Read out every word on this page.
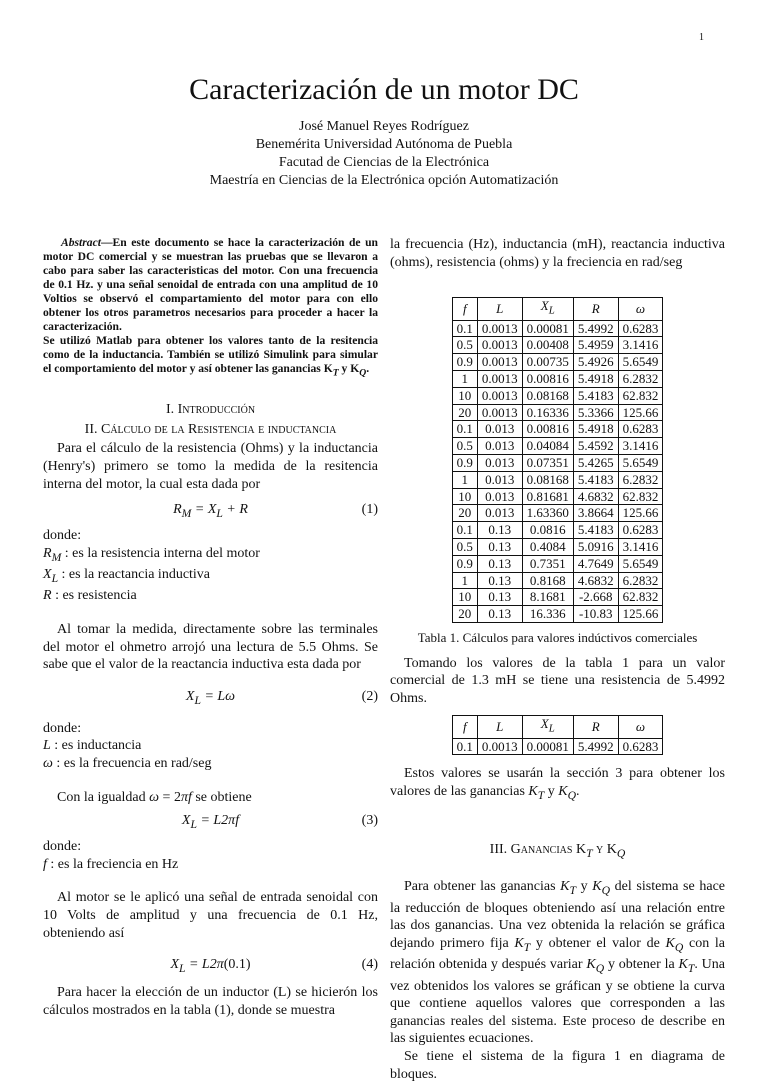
1
Caracterización de un motor DC
José Manuel Reyes Rodríguez
Benemérita Universidad Autónoma de Puebla
Facutad de Ciencias de la Electrónica
Maestría en Ciencias de la Electrónica opción Automatización

Abstract—En este documento se hace la caracterización de un motor DC comercial y se muestran las pruebas que se llevaron a cabo para saber las caracteristicas del motor. Con una frecuencia de 0.1 Hz. y una señal senoidal de entrada con una amplitud de 10 Voltios se observó el compartamiento del motor para con ello obtener los otros parametros necesarios para proceder a hacer la caracterización.

Se utilizó Matlab para obtener los valores tanto de la resitencia como de la inductancia. También se utilizó Simulink para simular el comportamiento del motor y así obtener las ganancias $K_T$ y $K_Q$.

I. Introducción
II. Cálculo de la Resistencia e inductancia

Para el cálculo de la resistencia (Ohms) y la inductancia (Henry's) primero se tomo la medida de la resitencia interna del motor, la cual esta dada por

$R_M = X_L + R$	(1)

donde:

$R_M$ : es la resistencia interna del motor

$X_L$ : es la reactancia inductiva

R : es resistencia

Al tomar la medida, directamente sobre las terminales del motor el ohmetro arrojó una lectura de 5.5 Ohms. Se sabe que el valor de la reactancia inductiva esta dada por

$X_L = L\omega$	(2)

donde:

L : es inductancia

ω : es la frecuencia en rad/seg

Con la igualdad ω = 2πf se obtiene

$X_L = L2\pi f$	(3)

donde:

f : es la freciencia en Hz

Al motor se le aplicó una señal de entrada senoidal con 10 Volts de amplitud y una frecuencia de 0.1 Hz, obteniendo así

$X_L = L2\pi(0.1)$	(4)

Para hacer la elección de un inductor (L) se hicierón los cálculos mostrados en la tabla (1), donde se muestra

la frecuencia (Hz), inductancia (mH), reactancia inductiva (ohms), resistencia (ohms) y la freciencia en rad/seg

f	L	$X_L$	R	ω
0.1	0.0013	0.00081	5.4992	0.6283
0.5	0.0013	0.00408	5.4959	3.1416
0.9	0.0013	0.00735	5.4926	5.6549
1	0.0013	0.00816	5.4918	6.2832
10	0.0013	0.08168	5.4183	62.832
20	0.0013	0.16336	5.3366	125.66
0.1	0.013	0.00816	5.4918	0.6283
0.5	0.013	0.04084	5.4592	3.1416
0.9	0.013	0.07351	5.4265	5.6549
1	0.013	0.08168	5.4183	6.2832
10	0.013	0.81681	4.6832	62.832
20	0.013	1.63360	3.8664	125.66
0.1	0.13	0.0816	5.4183	0.6283
0.5	0.13	0.4084	5.0916	3.1416
0.9	0.13	0.7351	4.7649	5.6549
1	0.13	0.8168	4.6832	6.2832
10	0.13	8.1681	-2.668	62.832
20	0.13	16.336	-10.83	125.66
Tabla 1. Cálculos para valores indúctivos comerciales

Tomando los valores de la tabla 1 para un valor comercial de 1.3 mH se tiene una resistencia de 5.4992 Ohms.

f	L	$X_L$	R	ω
0.1	0.0013	0.00081	5.4992	0.6283

Estos valores se usarán la sección 3 para obtener los valores de las ganancias $K_T$ y $K_Q$.

III. Ganancias $K_T$ y $K_Q$

Para obtener las ganancias $K_T$ y $K_Q$ del sistema se hace la reducción de bloques obteniendo así una relación entre las dos ganancias. Una vez obtenida la relación se gráfica dejando primero fija $K_T$ y obtener el valor de $K_Q$ con la relación obtenida y después variar $K_Q$ y obtener la $K_T$. Una vez obtenidos los valores se gráfican y se obtiene la curva que contiene aquellos valores que corresponden a las ganancias reales del sistema. Este proceso de describe en las siguientes ecuaciones.

Se tiene el sistema de la figura 1 en diagrama de bloques.
